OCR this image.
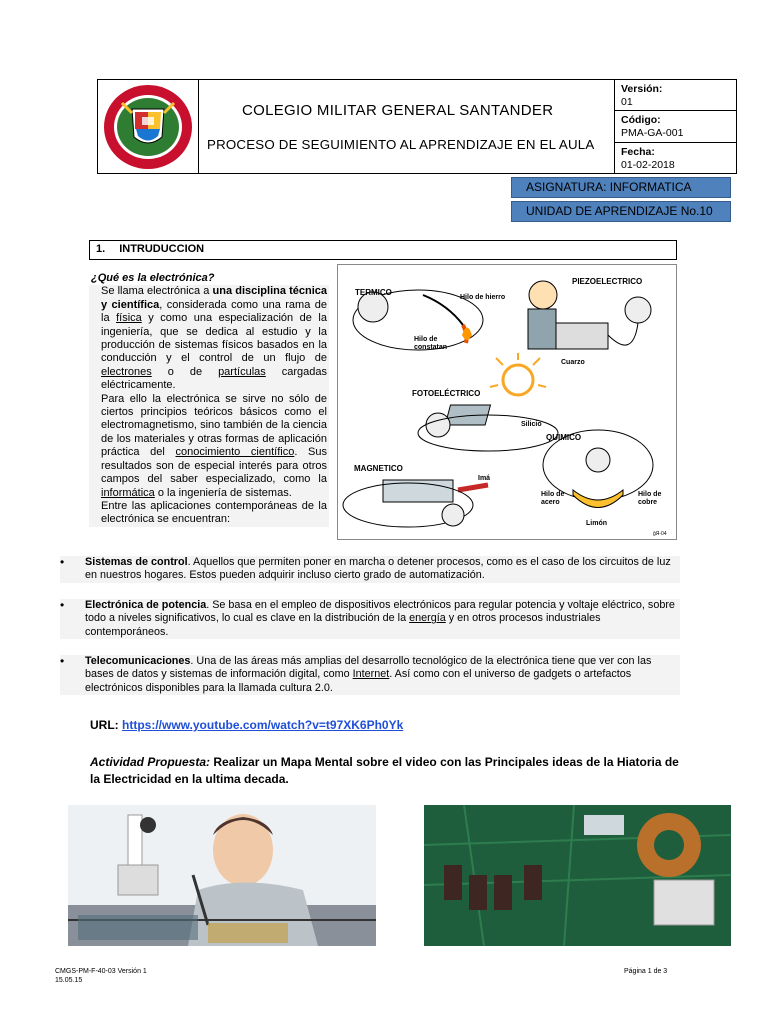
COLEGIO MILITAR GENERAL SANTANDER
PROCESO DE SEGUIMIENTO AL APRENDIZAJE EN EL AULA
Versión:
01
Código:
PMA-GA-001
Fecha:
01-02-2018
ASIGNATURA: INFORMATICA
UNIDAD DE APRENDIZAJE No.10
1. INTRUDUCCION
¿Qué es la electrónica?
Se llama electrónica a una disciplina técnica y científica, considerada como una rama de la física y como una especialización de la ingeniería, que se dedica al estudio y la producción de sistemas físicos basados en la conducción y el control de un flujo de electrones o de partículas cargadas eléctricamente.
Para ello la electrónica se sirve no sólo de ciertos principios teóricos básicos como el electromagnetismo, sino también de la ciencia de los materiales y otras formas de aplicación práctica del conocimiento científico. Sus resultados son de especial interés para otros campos del saber especializado, como la informática o la ingeniería de sistemas.
Entre las aplicaciones contemporáneas de la electrónica se encuentran:
TERMICO
Hilo de hierro
Hilo de constatan
PIEZOELECTRICO
Cuarzo
FOTOELÉCTRICO
Silicio
QUIMICO
MAGNETICO
Imá
Hilo de acero
Hilo de cobre
Limón
ĝЯ-04
• Sistemas de control. Aquellos que permiten poner en marcha o detener procesos, como es el caso de los circuitos de luz en nuestros hogares. Estos pueden adquirir incluso cierto grado de automatización.
• Electrónica de potencia. Se basa en el empleo de dispositivos electrónicos para regular potencia y voltaje eléctrico, sobre todo a niveles significativos, lo cual es clave en la distribución de la energía y en otros procesos industriales contemporáneos.
• Telecomunicaciones. Una de las áreas más amplias del desarrollo tecnológico de la electrónica tiene que ver con las bases de datos y sistemas de información digital, como Internet. Así como con el universo de gadgets o artefactos electrónicos disponibles para la llamada cultura 2.0.
URL: https://www.youtube.com/watch?v=t97XK6Ph0Yk
Actividad Propuesta: Realizar un Mapa Mental sobre el video con las Principales ideas de la Hiatoria de la Electricidad en la ultima decada.
CMGS-PM-F-40-03 Versión 1
15.05.15
Página 1 de 3
